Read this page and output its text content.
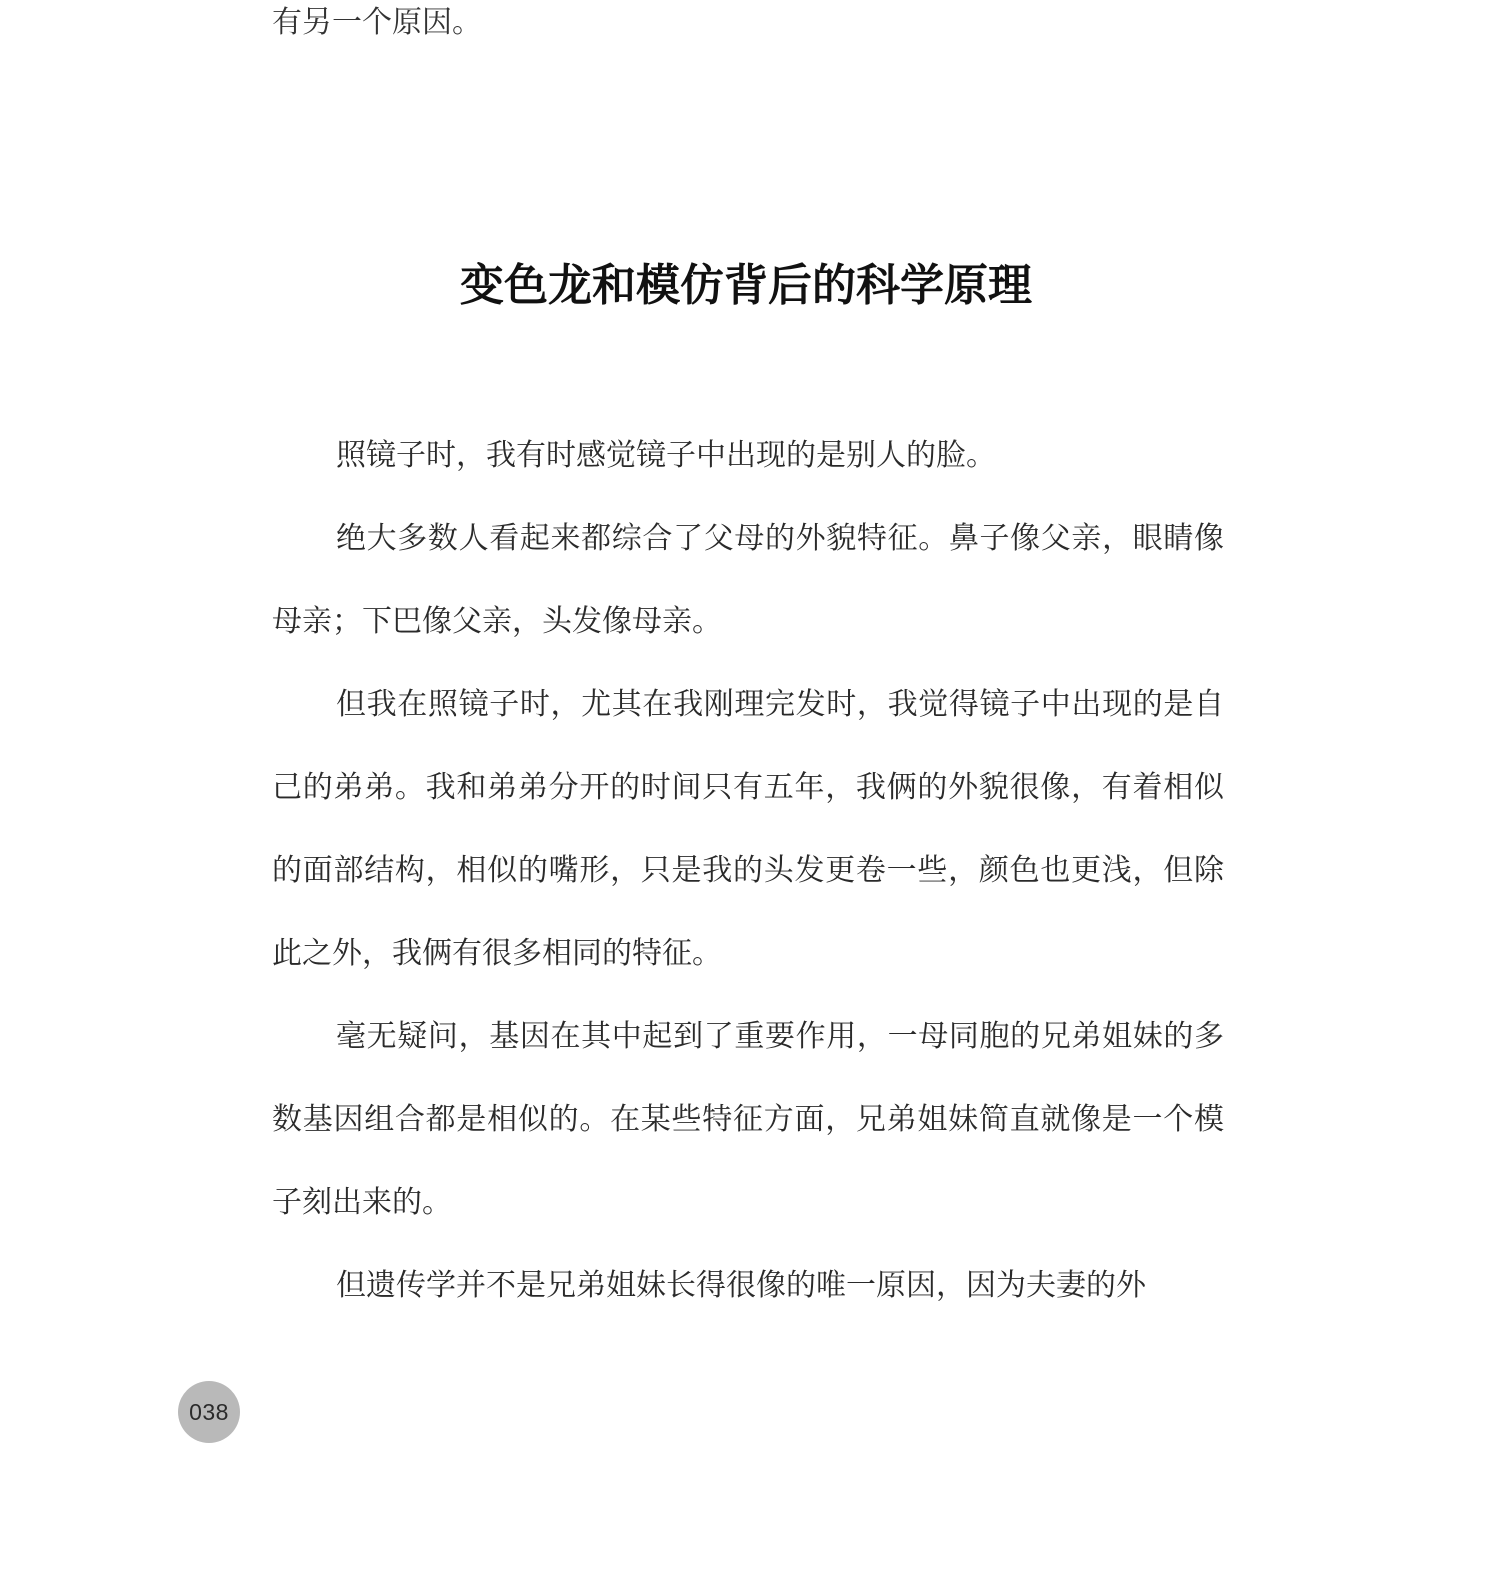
有另一个原因。
变色龙和模仿背后的科学原理

照镜子时，我有时感觉镜子中出现的是别人的脸。

绝大多数人看起来都综合了父母的外貌特征。鼻子像父亲，眼睛像母亲；下巴像父亲，头发像母亲。

但我在照镜子时，尤其在我刚理完发时，我觉得镜子中出现的是自己的弟弟。我和弟弟分开的时间只有五年，我俩的外貌很像，有着相似的面部结构，相似的嘴形，只是我的头发更卷一些，颜色也更浅，但除此之外，我俩有很多相同的特征。

毫无疑问，基因在其中起到了重要作用，一母同胞的兄弟姐妹的多数基因组合都是相似的。在某些特征方面，兄弟姐妹简直就像是一个模子刻出来的。

但遗传学并不是兄弟姐妹长得很像的唯一原因，因为夫妻的外

038
